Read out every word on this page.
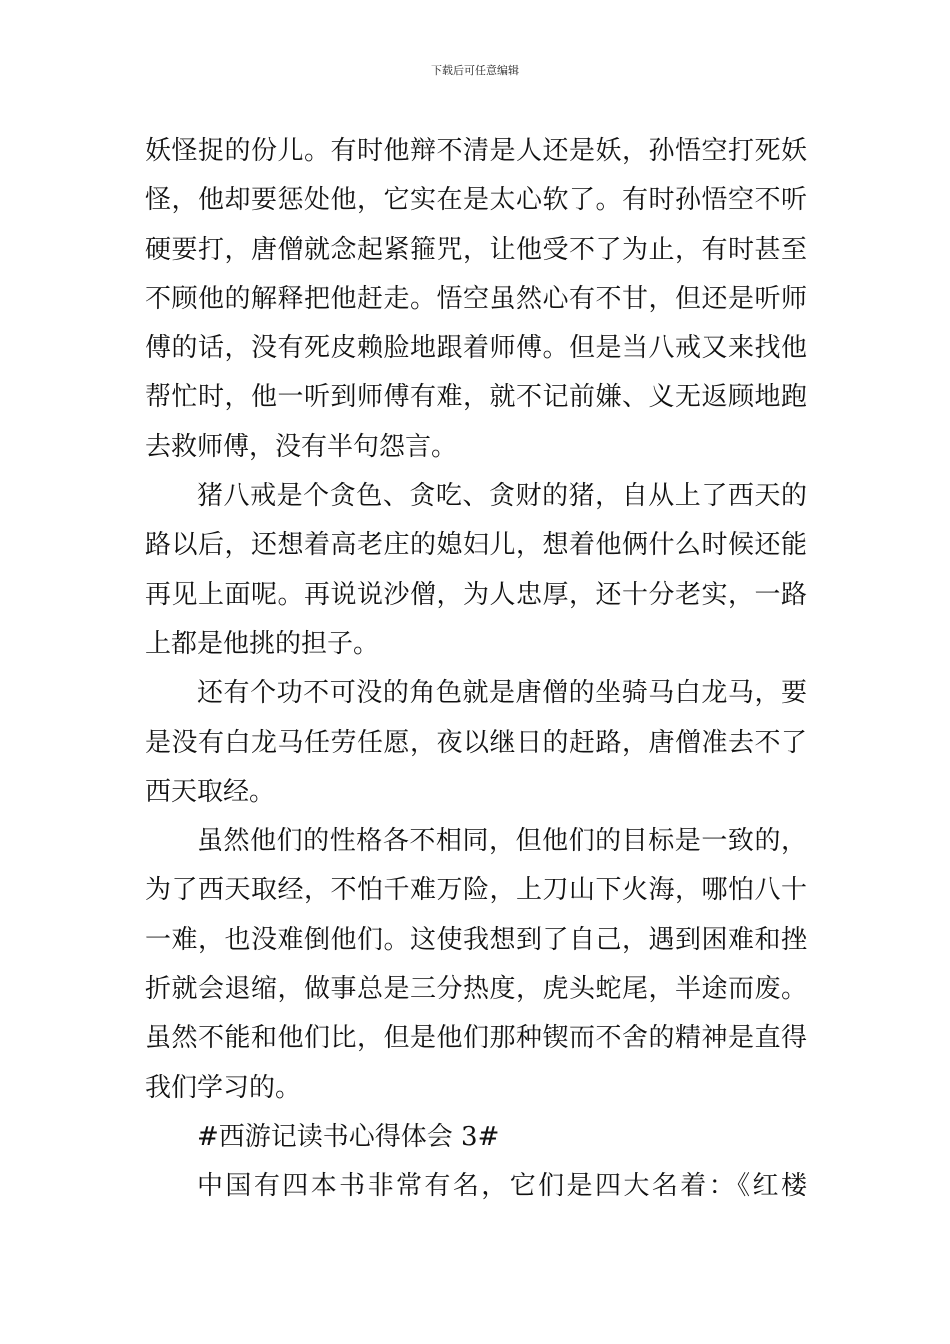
下载后可任意编辑
妖怪捉的份儿。有时他辩不清是人还是妖，孙悟空打死妖
怪，他却要惩处他，它实在是太心软了。有时孙悟空不听
硬要打，唐僧就念起紧箍咒，让他受不了为止，有时甚至
不顾他的解释把他赶走。悟空虽然心有不甘，但还是听师
傅的话，没有死皮赖脸地跟着师傅。但是当八戒又来找他
帮忙时，他一听到师傅有难，就不记前嫌、义无返顾地跑
去救师傅，没有半句怨言。
猪八戒是个贪色、贪吃、贪财的猪，自从上了西天的
路以后，还想着高老庄的媳妇儿，想着他俩什么时候还能
再见上面呢。再说说沙僧，为人忠厚，还十分老实，一路
上都是他挑的担子。
还有个功不可没的角色就是唐僧的坐骑马白龙马，要
是没有白龙马任劳任愿，夜以继日的赶路，唐僧准去不了
西天取经。
虽然他们的性格各不相同，但他们的目标是一致的，
为了西天取经，不怕千难万险，上刀山下火海，哪怕八十
一难，也没难倒他们。这使我想到了自己，遇到困难和挫
折就会退缩，做事总是三分热度，虎头蛇尾，半途而废。
虽然不能和他们比，但是他们那种锲而不舍的精神是直得
我们学习的。
#西游记读书心得体会 3#
中国有四本书非常有名，它们是四大名着：《红楼
